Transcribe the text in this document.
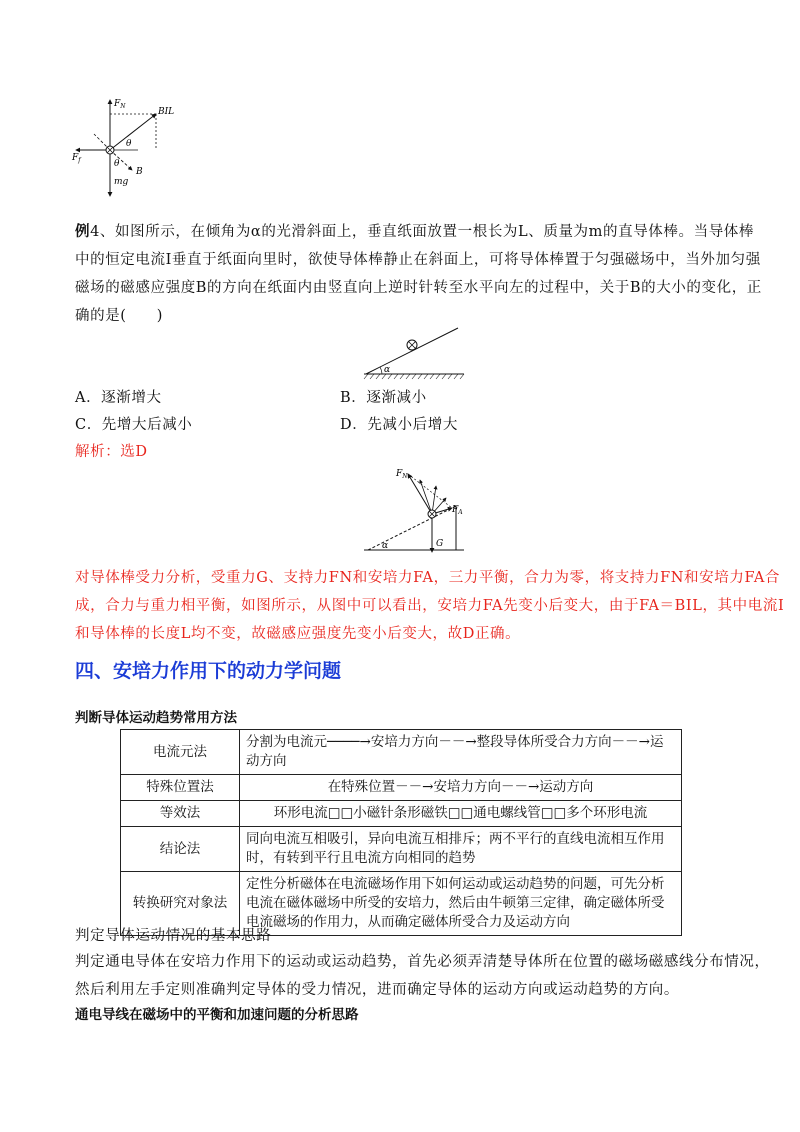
$F_N$
BIL
$F_f$
θ
θ
B
mg
例4、如图所示，在倾角为α的光滑斜面上，垂直纸面放置一根长为L、质量为m的直导体棒。当导体棒
中的恒定电流I垂直于纸面向里时，欲使导体棒静止在斜面上，可将导体棒置于匀强磁场中，当外加匀强
磁场的磁感应强度B的方向在纸面内由竖直向上逆时针转至水平向左的过程中，关于B的大小的变化，正
确的是(　　)
α
A．逐渐增大	B．逐渐减小
C．先增大后减小	D．先减小后增大
解析：选D
$F_N$
$F_A$
G
α
对导体棒受力分析，受重力G、支持力FN和安培力FA，三力平衡，合力为零，将支持力FN和安培力FA合
成，合力与重力相平衡，如图所示，从图中可以看出，安培力FA先变小后变大，由于FA＝BIL，其中电流I
和导体棒的长度L均不变，故磁感应强度先变小后变大，故D正确。
四、安培力作用下的动力学问题
判断导体运动趋势常用方法
电流元法	分割为电流元────→安培力方向－－→整段导体所受合力方向－－→运动方向
特殊位置法	在特殊位置－－→安培力方向－－→运动方向
等效法	环形电流□□小磁针条形磁铁□□通电螺线管□□多个环形电流
结论法	同向电流互相吸引，异向电流互相排斥；两不平行的直线电流相互作用时，有转到平行且电流方向相同的趋势
转换研究对象法	定性分析磁体在电流磁场作用下如何运动或运动趋势的问题，可先分析电流在磁体磁场中所受的安培力，然后由牛顿第三定律，确定磁体所受电流磁场的作用力，从而确定磁体所受合力及运动方向
判定导体运动情况的基本思路
判定通电导体在安培力作用下的运动或运动趋势，首先必须弄清楚导体所在位置的磁场磁感线分布情况，
然后利用左手定则准确判定导体的受力情况，进而确定导体的运动方向或运动趋势的方向。
通电导线在磁场中的平衡和加速问题的分析思路
